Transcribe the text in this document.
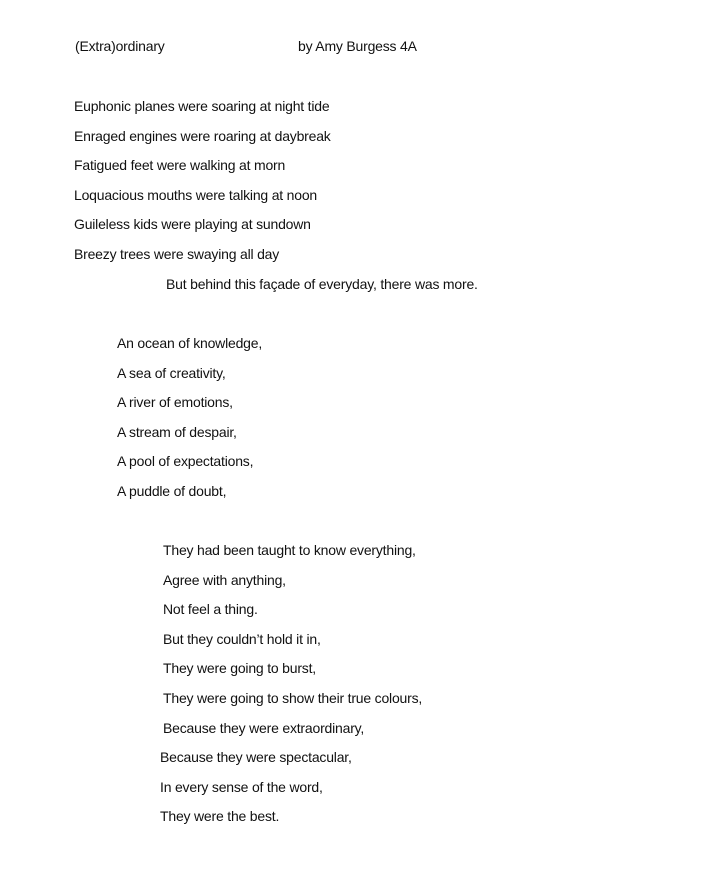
(Extra)ordinary	by Amy Burgess 4A
Euphonic planes were soaring at night tide
Enraged engines were roaring at daybreak
Fatigued feet were walking at morn
Loquacious mouths were talking at noon
Guileless kids were playing at sundown
Breezy trees were swaying all day
But behind this façade of everyday, there was more.
An ocean of knowledge,
A sea of creativity,
A river of emotions,
A stream of despair,
A pool of expectations,
A puddle of doubt,
They had been taught to know everything,
Agree with anything,
Not feel a thing.
But they couldn’t hold it in,
They were going to burst,
They were going to show their true colours,
Because they were extraordinary,
Because they were spectacular,
In every sense of the word,
They were the best.
